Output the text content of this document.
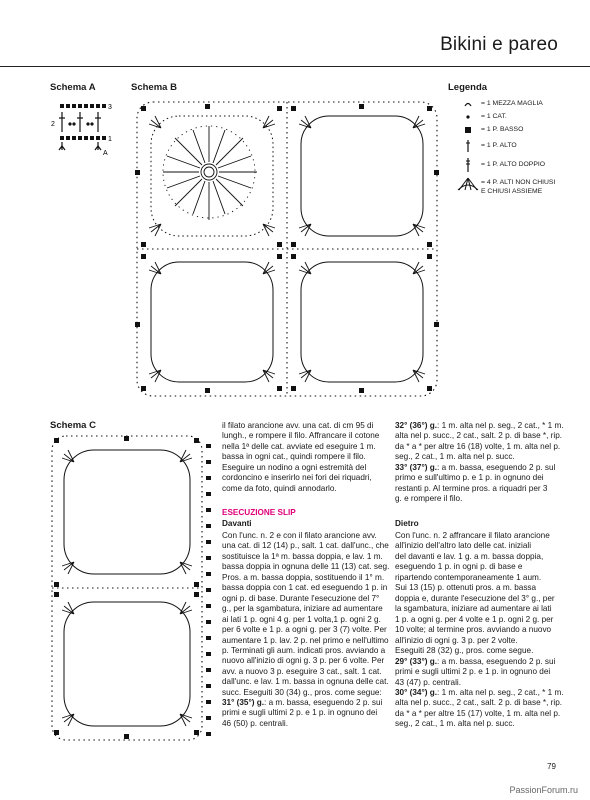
Bikini e pareo
Schema A	Schema B
Schema C
Legenda
3
2
1
A
= 1 MEZZA MAGLIA
= 1 CAT.
= 1 P. BASSO
= 1 P. ALTO
= 1 P. ALTO DOPPIO
= 4 P. ALTI NON CHIUSI
E CHIUSI ASSIEME
il filato arancione avv. una cat. di cm 95 di
lungh., e rompere il filo. Affrancare il cotone
nella 1ª delle cat. avviate ed eseguire 1 m.
bassa in ogni cat., quindi rompere il filo.
Eseguire un nodino a ogni estremità del
cordoncino e inserirlo nei fori dei riquadri,
come da foto, quindi annodarlo.
ESECUZIONE SLIP
Davanti
Con l'unc. n. 2 e con il filato arancione avv.
una cat. di 12 (14) p., salt. 1 cat. dall'unc., che
sostituisce la 1ª m. bassa doppia, e lav. 1 m.
bassa doppia in ognuna delle 11 (13) cat. seg.
Pros. a m. bassa doppia, sostituendo il 1° m.
bassa doppia con 1 cat. ed eseguendo 1 p. in
ogni p. di base. Durante l'esecuzione del 7°
g., per la sgambatura, iniziare ad aumentare
ai lati 1 p. ogni 4 g. per 1 volta,1 p. ogni 2 g.
per 6 volte e 1 p. a ogni g. per 3 (7) volte. Per
aumentare 1 p. lav. 2 p. nel primo e nell'ultimo
p. Terminati gli aum. indicati pros. avviando a
nuovo all'inizio di ogni g. 3 p. per 6 volte. Per
avv. a nuovo 3 p. eseguire 3 cat., salt. 1 cat.
dall'unc. e lav. 1 m. bassa in ognuna delle cat.
succ. Eseguiti 30 (34) g., pros. come segue:
31° (35°) g.: a m. bassa, eseguendo 2 p. sui
primi e sugli ultimi 2 p. e 1 p. in ognuno dei
46 (50) p. centrali.
32° (36°) g.: 1 m. alta nel p. seg., 2 cat., * 1 m.
alta nel p. succ., 2 cat., salt. 2 p. di base *, rip.
da * a * per altre 16 (18) volte, 1 m. alta nel p.
seg., 2 cat., 1 m. alta nel p. succ.
33° (37°) g.: a m. bassa, eseguendo 2 p. sul
primo e sull'ultimo p. e 1 p. in ognuno dei
restanti p. Al termine pros. a riquadri per 3
g. e rompere il filo.
Dietro
Con l'unc. n. 2 affrancare il filato arancione
all'inizio dell'altro lato delle cat. iniziali
del davanti e lav. 1 g. a m. bassa doppia,
eseguendo 1 p. in ogni p. di base e
ripartendo contemporaneamente 1 aum.
Sui 13 (15) p. ottenuti pros. a m. bassa
doppia e, durante l'esecuzione del 3° g., per
la sgambatura, iniziare ad aumentare ai lati
1 p. a ogni g. per 4 volte e 1 p. ogni 2 g. per
10 volte; al termine pros. avviando a nuovo
all'inizio di ogni g. 3 p. per 2 volte.
Eseguiti 28 (32) g., pros. come segue.
29° (33°) g.: a m. bassa, eseguendo 2 p. sui
primi e sugli ultimi 2 p. e 1 p. in ognuno dei
43 (47) p. centrali.
30° (34°) g.: 1 m. alta nel p. seg., 2 cat., * 1 m.
alta nel p. succ., 2 cat., salt. 2 p. di base *, rip.
da * a * per altre 15 (17) volte, 1 m. alta nel p.
seg., 2 cat., 1 m. alta nel p. succ.
79
PassionForum.ru
